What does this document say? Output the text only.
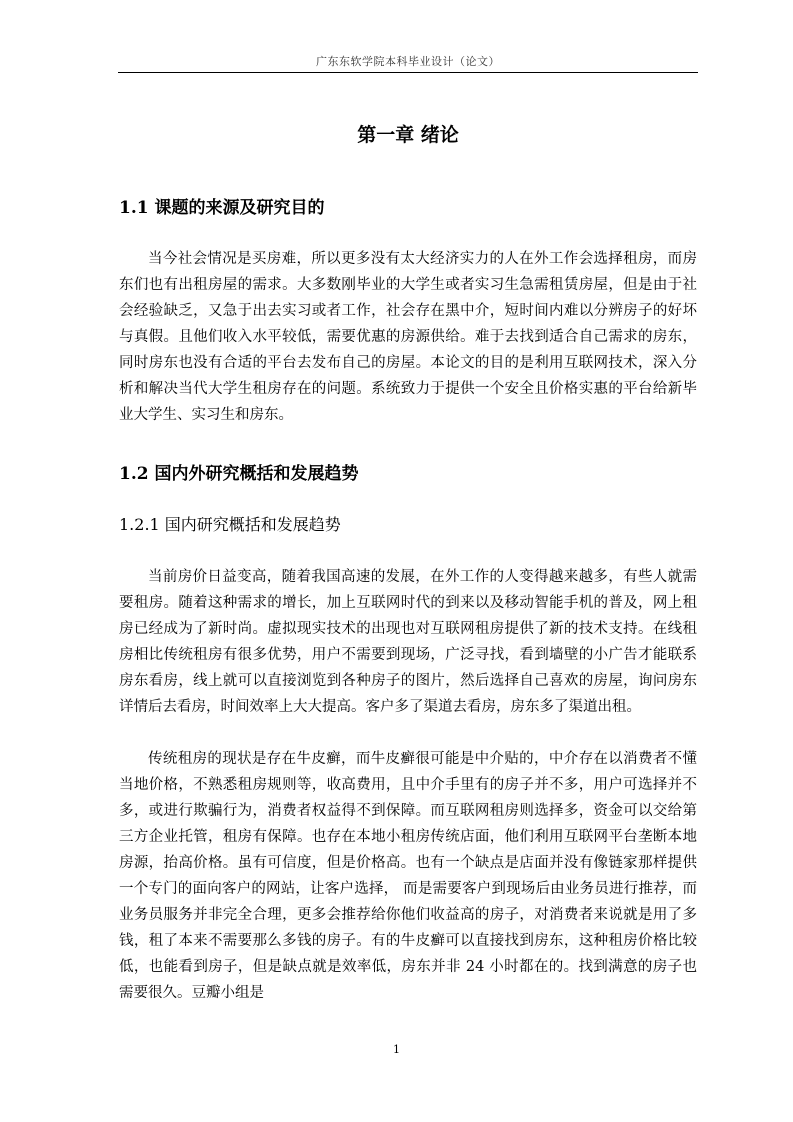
广东东软学院本科毕业设计（论文）
第一章 绪论
1.1 课题的来源及研究目的

当今社会情况是买房难，所以更多没有太大经济实力的人在外工作会选择租房，而房东们也有出租房屋的需求。大多数刚毕业的大学生或者实习生急需租赁房屋，但是由于社会经验缺乏，又急于出去实习或者工作，社会存在黑中介，短时间内难以分辨房子的好坏与真假。且他们收入水平较低，需要优惠的房源供给。难于去找到适合自己需求的房东，同时房东也没有合适的平台去发布自己的房屋。本论文的目的是利用互联网技术，深入分析和解决当代大学生租房存在的问题。系统致力于提供一个安全且价格实惠的平台给新毕业大学生、实习生和房东。

1.2 国内外研究概括和发展趋势
1.2.1 国内研究概括和发展趋势

当前房价日益变高，随着我国高速的发展，在外工作的人变得越来越多，有些人就需要租房。随着这种需求的增长，加上互联网时代的到来以及移动智能手机的普及，网上租房已经成为了新时尚。虚拟现实技术的出现也对互联网租房提供了新的技术支持。在线租房相比传统租房有很多优势，用户不需要到现场，广泛寻找，看到墙壁的小广告才能联系房东看房，线上就可以直接浏览到各种房子的图片，然后选择自己喜欢的房屋，询问房东详情后去看房，时间效率上大大提高。客户多了渠道去看房，房东多了渠道出租。

传统租房的现状是存在牛皮癣，而牛皮癣很可能是中介贴的，中介存在以消费者不懂当地价格，不熟悉租房规则等，收高费用，且中介手里有的房子并不多，用户可选择并不多，或进行欺骗行为，消费者权益得不到保障。而互联网租房则选择多，资金可以交给第三方企业托管，租房有保障。也存在本地小租房传统店面，他们利用互联网平台垄断本地房源，抬高价格。虽有可信度，但是价格高。也有一个缺点是店面并没有像链家那样提供一个专门的面向客户的网站，让客户选择， 而是需要客户到现场后由业务员进行推荐，而业务员服务并非完全合理，更多会推荐给你他们收益高的房子，对消费者来说就是用了多钱，租了本来不需要那么多钱的房子。有的牛皮癣可以直接找到房东，这种租房价格比较低，也能看到房子，但是缺点就是效率低，房东并非 24 小时都在的。找到满意的房子也需要很久。豆瓣小组是

1
